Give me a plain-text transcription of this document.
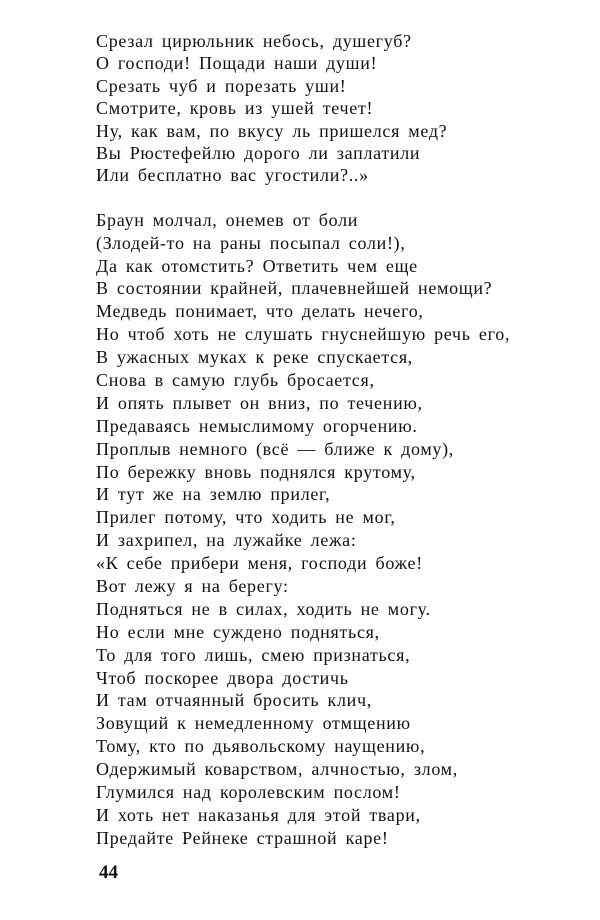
Срезал цирюльник небось, душегуб?
О господи! Пощади наши души!
Срезать чуб и порезать уши!
Смотрите, кровь из ушей течет!
Ну, как вам, по вкусу ль пришелся мед?
Вы Рюстефейлю дорого ли заплатили
Или бесплатно вас угостили?..»
Браун молчал, онемев от боли
(Злодей-то на раны посыпал соли!),
Да как отомстить? Ответить чем еще
В состоянии крайней, плачевнейшей немощи?
Медведь понимает, что делать нечего,
Но чтоб хоть не слушать гнуснейшую речь его,
В ужасных муках к реке спускается,
Снова в самую глубь бросается,
И опять плывет он вниз, по течению,
Предаваясь немыслимому огорчению.
Проплыв немного (всё — ближе к дому),
По бережку вновь поднялся крутому,
И тут же на землю прилег,
Прилег потому, что ходить не мог,
И захрипел, на лужайке лежа:
«К себе прибери меня, господи боже!
Вот лежу я на берегу:
Подняться не в силах, ходить не могу.
Но если мне суждено подняться,
То для того лишь, смею признаться,
Чтоб поскорее двора достичь
И там отчаянный бросить клич,
Зовущий к немедленному отмщению
Тому, кто по дьявольскому наущению,
Одержимый коварством, алчностью, злом,
Глумился над королевским послом!
И хоть нет наказанья для этой твари,
Предайте Рейнеке страшной каре!
44
